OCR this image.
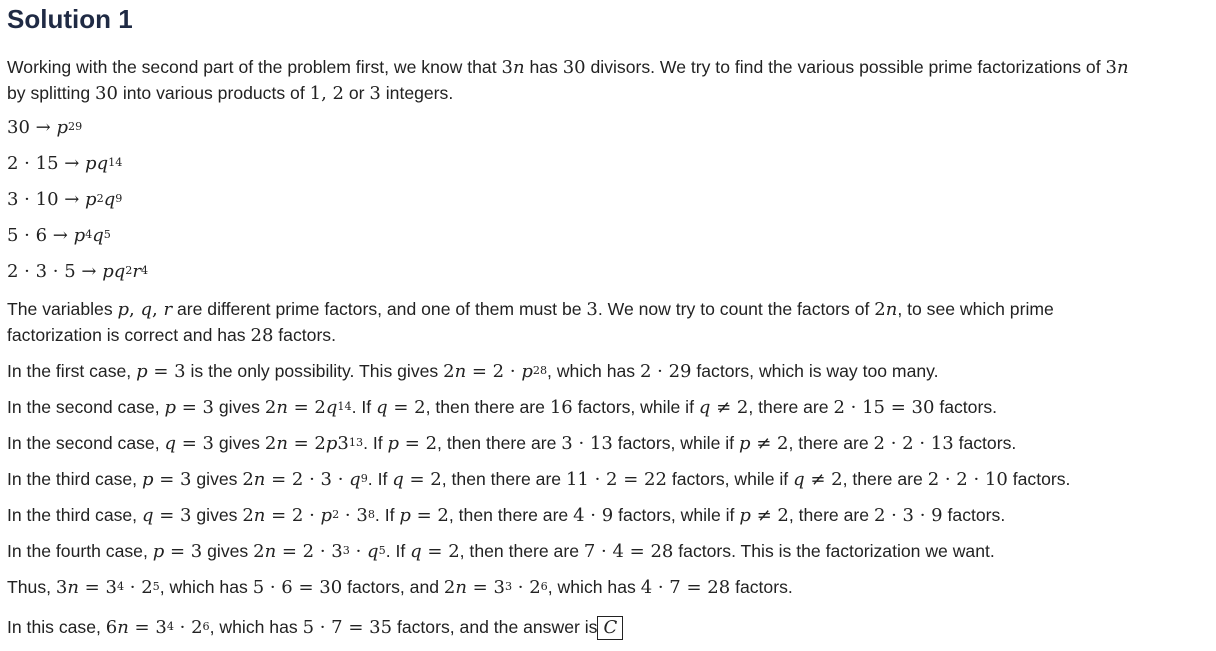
Solution 1
Working with the second part of the problem first, we know that 3n has 30 divisors. We try to find the various possible prime factorizations of 3n
by splitting 30 into various products of 1, 2 or 3 integers.
$30 \to p^{29}$
$2 \cdot 15 \to pq^{14}$
$3 \cdot 10 \to p^2q^9$
$5 \cdot 6 \to p^4q^5$
$2 \cdot 3 \cdot 5 \to pq^2r^4$
The variables p, q, r are different prime factors, and one of them must be 3. We now try to count the factors of 2n, to see which prime
factorization is correct and has 28 factors.
In the first case, p = 3 is the only possibility. This gives $2n = 2 \cdot p^{28}$, which has 2 · 29 factors, which is way too many.
In the second case, p = 3 gives $2n = 2q^{14}$. If q = 2, then there are 16 factors, while if q ≠ 2, there are 2 · 15 = 30 factors.
In the second case, q = 3 gives $2n = 2p3^{13}$. If p = 2, then there are 3 · 13 factors, while if p ≠ 2, there are 2 · 2 · 13 factors.
In the third case, p = 3 gives $2n = 2 \cdot 3 \cdot q^9$. If q = 2, then there are 11 · 2 = 22 factors, while if q ≠ 2, there are 2 · 2 · 10 factors.
In the third case, q = 3 gives $2n = 2 \cdot p^2 \cdot 3^8$. If p = 2, then there are 4 · 9 factors, while if p ≠ 2, there are 2 · 3 · 9 factors.
In the fourth case, p = 3 gives $2n = 2 \cdot 3^3 \cdot q^5$. If q = 2, then there are 7 · 4 = 28 factors. This is the factorization we want.
Thus, $3n = 3^4 \cdot 2^5$, which has 5 · 6 = 30 factors, and $2n = 3^3 \cdot 2^6$, which has 4 · 7 = 28 factors.
In this case, $6n = 3^4 \cdot 2^6$, which has 5 · 7 = 35 factors, and the answer is C
